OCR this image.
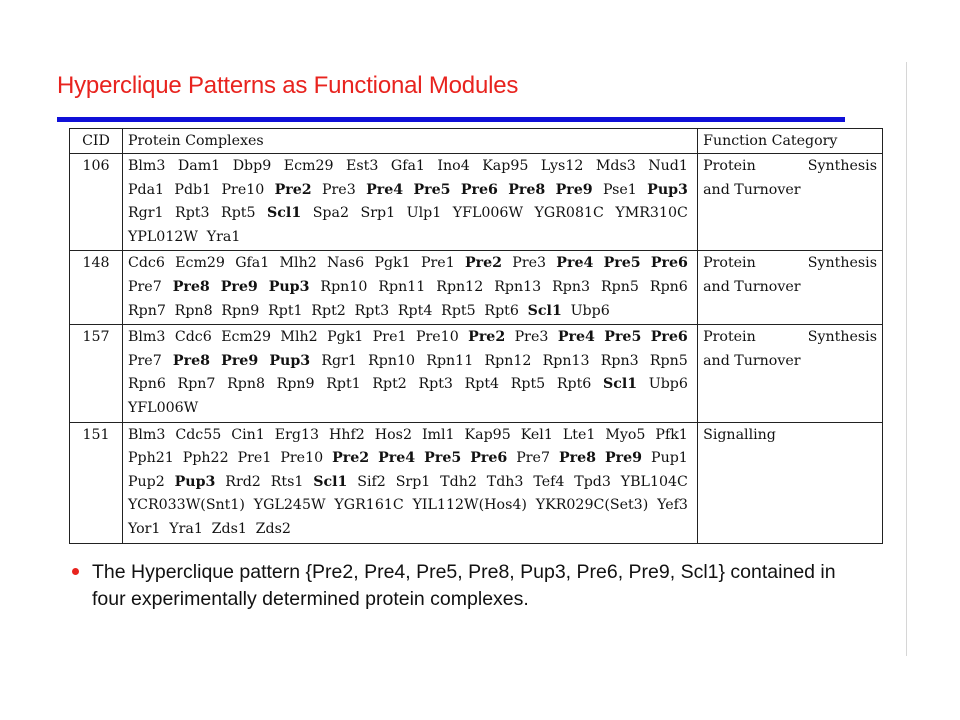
Hyperclique Patterns as Functional Modules
CID	Protein Complexes	Function Category
106	Blm3 Dam1 Dbp9 Ecm29 Est3 Gfa1 Ino4 Kap95 Lys12 Mds3 Nud1 Pda1 Pdb1 Pre10 Pre2 Pre3 Pre4 Pre5 Pre6 Pre8 Pre9 Pse1 Pup3 Rgr1 Rpt3 Rpt5 Scl1 Spa2 Srp1 Ulp1 YFL006W YGR081C YMR310C YPL012W Yra1	Protein Synthesis
and Turnover

148	Cdc6 Ecm29 Gfa1 Mlh2 Nas6 Pgk1 Pre1 Pre2 Pre3 Pre4 Pre5 Pre6 Pre7 Pre8 Pre9 Pup3 Rpn10 Rpn11 Rpn12 Rpn13 Rpn3 Rpn5 Rpn6 Rpn7 Rpn8 Rpn9 Rpt1 Rpt2 Rpt3 Rpt4 Rpt5 Rpt6 Scl1 Ubp6	Protein Synthesis
and Turnover

157	Blm3 Cdc6 Ecm29 Mlh2 Pgk1 Pre1 Pre10 Pre2 Pre3 Pre4 Pre5 Pre6 Pre7 Pre8 Pre9 Pup3 Rgr1 Rpn10 Rpn11 Rpn12 Rpn13 Rpn3 Rpn5 Rpn6 Rpn7 Rpn8 Rpn9 Rpt1 Rpt2 Rpt3 Rpt4 Rpt5 Rpt6 Scl1 Ubp6 YFL006W	Protein Synthesis
and Turnover

151	Blm3 Cdc55 Cin1 Erg13 Hhf2 Hos2 Iml1 Kap95 Kel1 Lte1 Myo5 Pfk1 Pph21 Pph22 Pre1 Pre10 Pre2 Pre4 Pre5 Pre6 Pre7 Pre8 Pre9 Pup1 Pup2 Pup3 Rrd2 Rts1 Scl1 Sif2 Srp1 Tdh2 Tdh3 Tef4 Tpd3 YBL104C YCR033W(Snt1) YGL245W YGR161C YIL112W(Hos4) YKR029C(Set3) Yef3 Yor1 Yra1 Zds1 Zds2	Signalling
The Hyperclique pattern {Pre2, Pre4, Pre5, Pre8, Pup3, Pre6, Pre9, Scl1} contained in four experimentally determined protein complexes.
